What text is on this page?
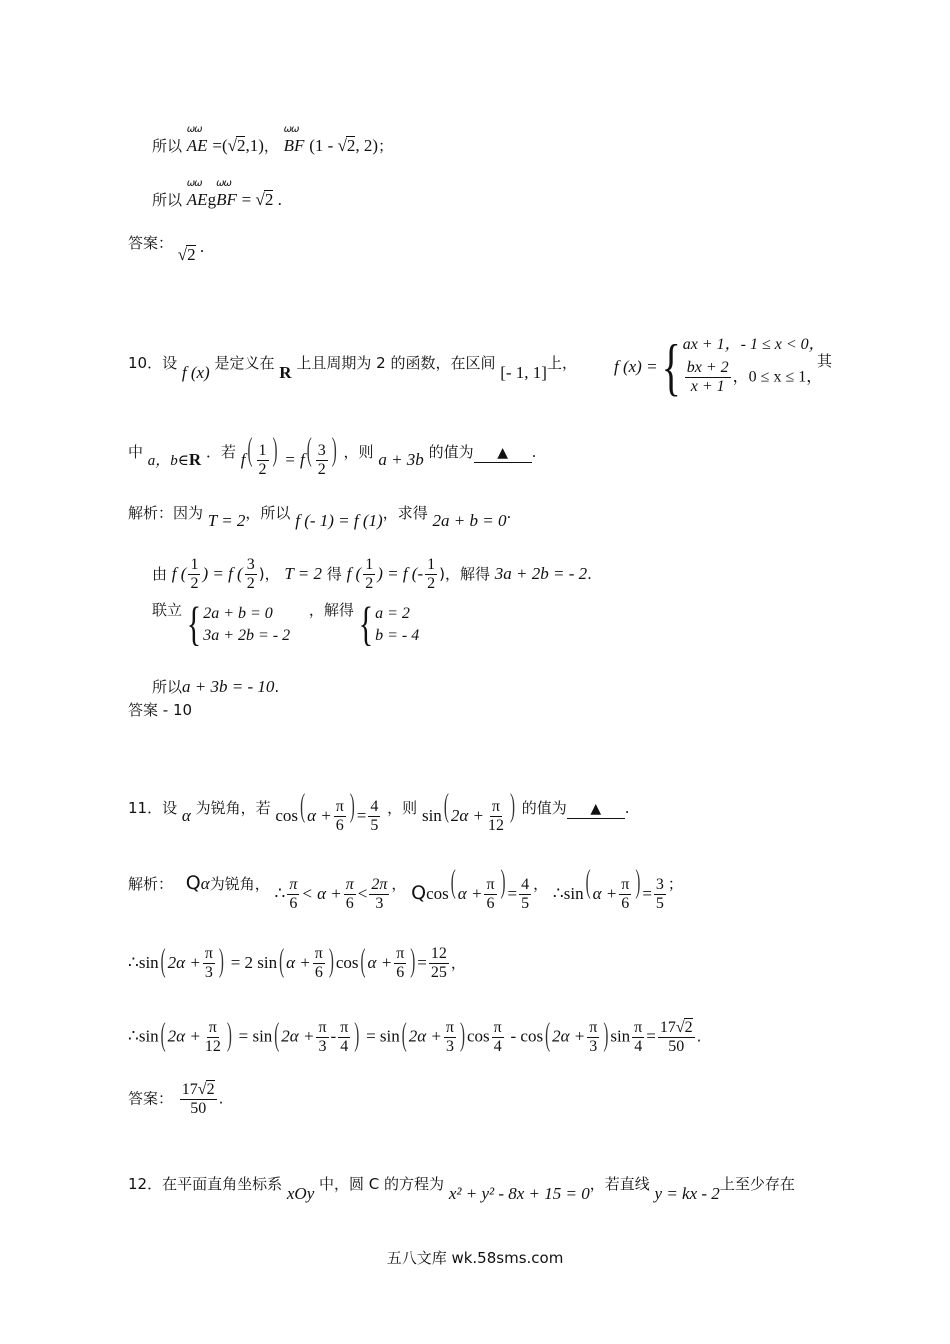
所以
ѡѡ
AE =(√2,1)，
ѡѡ
BF (1 - √2, 2)；
所以
ѡѡ
AEg
ѡѡ
BF = √2 .
答案： √2 .
10．设 f (x) 是定义在 R 上且周期为 2 的函数，在区间 [- 1, 1]上， f (x) = { ax + 1，- 1 ≤ x < 0，
$\frac{bx + 2}{x + 1}$ ，0 ≤ x ≤ 1，
其
中 a，b∈R ．若 f ( $\frac{1}{2}$ ) = f ( $\frac{3}{2}$ ) ，则 a + 3b 的值为 ▲ .
解析：因为 T = 2，所以 f (- 1) = f (1)，求得 2a + b = 0.
由 f ( $\frac{1}{2}$ ) = f ( $\frac{3}{2}$ )， T = 2 得 f ( $\frac{1}{2}$ ) = f (- $\frac{1}{2}$ )，解得 3a + 2b = - 2.
联立 { 2a + b = 0
3a + 2b = - 2
，解得 { a = 2
b = - 4
所以a + 3b = - 10.
答案 - 10
11．设 α 为锐角，若 cos ( $\alpha + \frac{\pi}{6}$ ) = $\frac{4}{5}$ ，则 sin ( $2\alpha + \frac{\pi}{12}$ ) 的值为 ▲ .
解析： Qα为锐角， ∴ $\frac{\pi}{6} < \alpha + \frac{\pi}{6} < \frac{2\pi}{3}$ ， Qcos ( $\alpha + \frac{\pi}{6}$ ) = $\frac{4}{5}$ ， ∴sin ( $\alpha + \frac{\pi}{6}$ ) = $\frac{3}{5}$ ；
∴sin ( $2\alpha + \frac{\pi}{3}$ ) = 2 sin ( $\alpha + \frac{\pi}{6}$ ) cos ( $\alpha + \frac{\pi}{6}$ ) = $\frac{12}{25}$ ，
∴sin ( $2\alpha + \frac{\pi}{12}$ ) = sin ( $2\alpha + \frac{\pi}{3} - \frac{\pi}{4}$ ) = sin ( $2\alpha + \frac{\pi}{3}$ ) $\cos \frac{\pi}{4}$ - cos ( $2\alpha + \frac{\pi}{3}$ ) $\sin \frac{\pi}{4} = \frac{17√2}{50}$ .
答案： $\frac{17√2}{50}$ .
12．在平面直角坐标系 xOy 中，圆 C 的方程为 x² + y² - 8x + 15 = 0，若直线 y = kx - 2上至少存在
五八文库 wk.58sms.com
